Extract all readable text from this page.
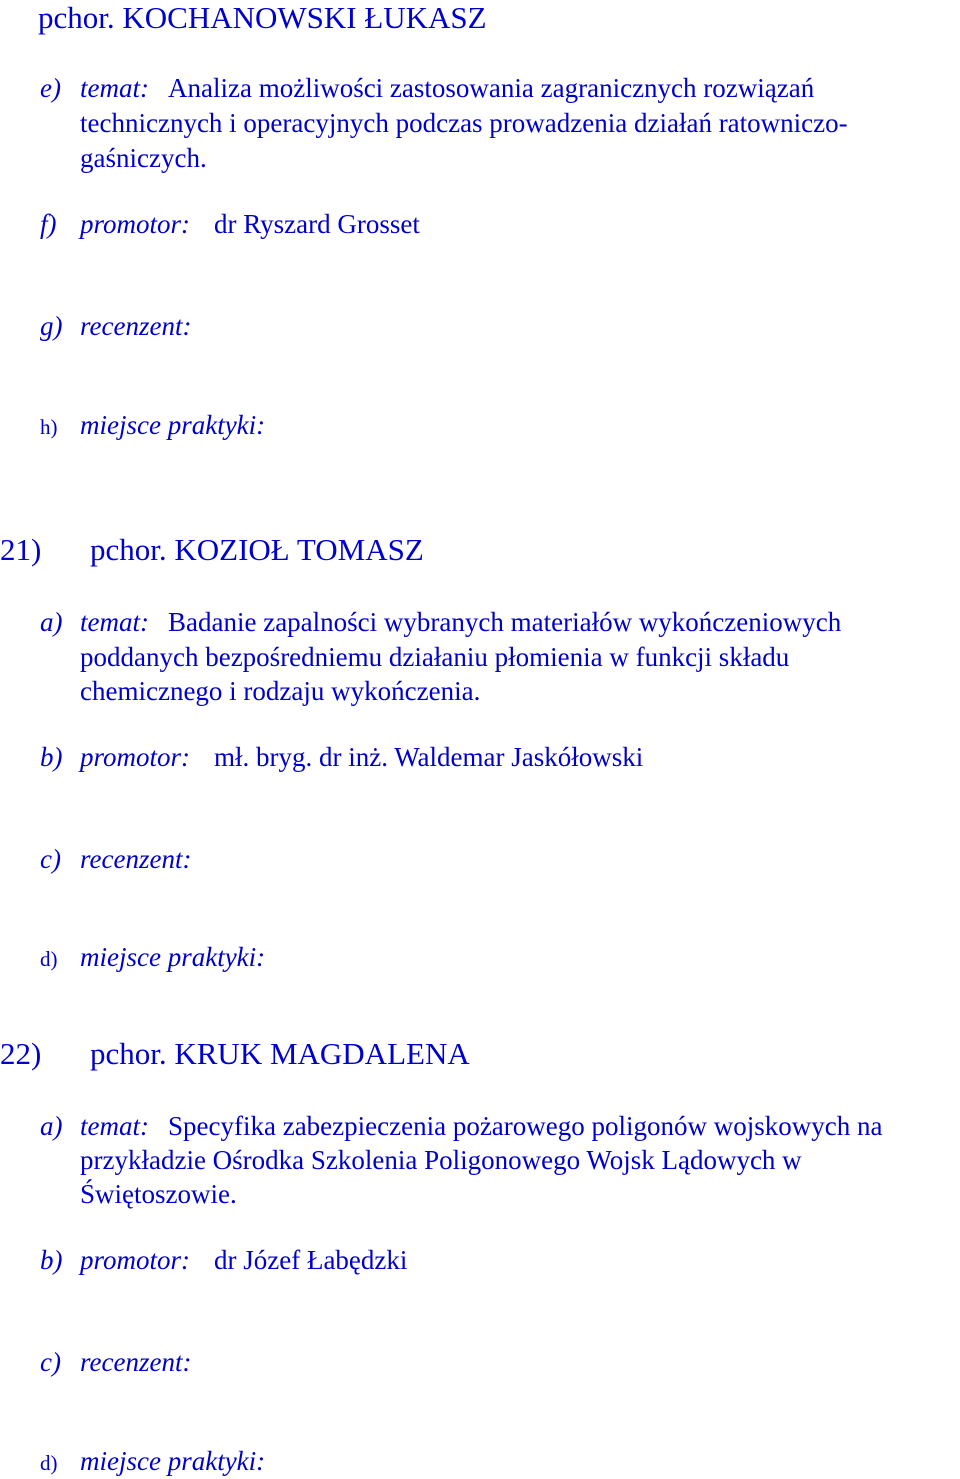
pchor. KOCHANOWSKI ŁUKASZ
e) temat: Analiza możliwości zastosowania zagranicznych rozwiązań
technicznych i operacyjnych podczas prowadzenia działań ratowniczo-
gaśniczych.
f) promotor: dr Ryszard Grosset
g) recenzent:
h) miejsce praktyki:
21) pchor. KOZIOŁ TOMASZ
a) temat: Badanie zapalności wybranych materiałów wykończeniowych
poddanych bezpośredniemu działaniu płomienia w funkcji składu
chemicznego i rodzaju wykończenia.
b) promotor: mł. bryg. dr inż. Waldemar Jaskółowski
c) recenzent:
d) miejsce praktyki:
22) pchor. KRUK MAGDALENA
a) temat: Specyfika zabezpieczenia pożarowego poligonów wojskowych na
przykładzie Ośrodka Szkolenia Poligonowego Wojsk Lądowych w
Świętoszowie.
b) promotor: dr Józef Łabędzki
c) recenzent:
d) miejsce praktyki:
